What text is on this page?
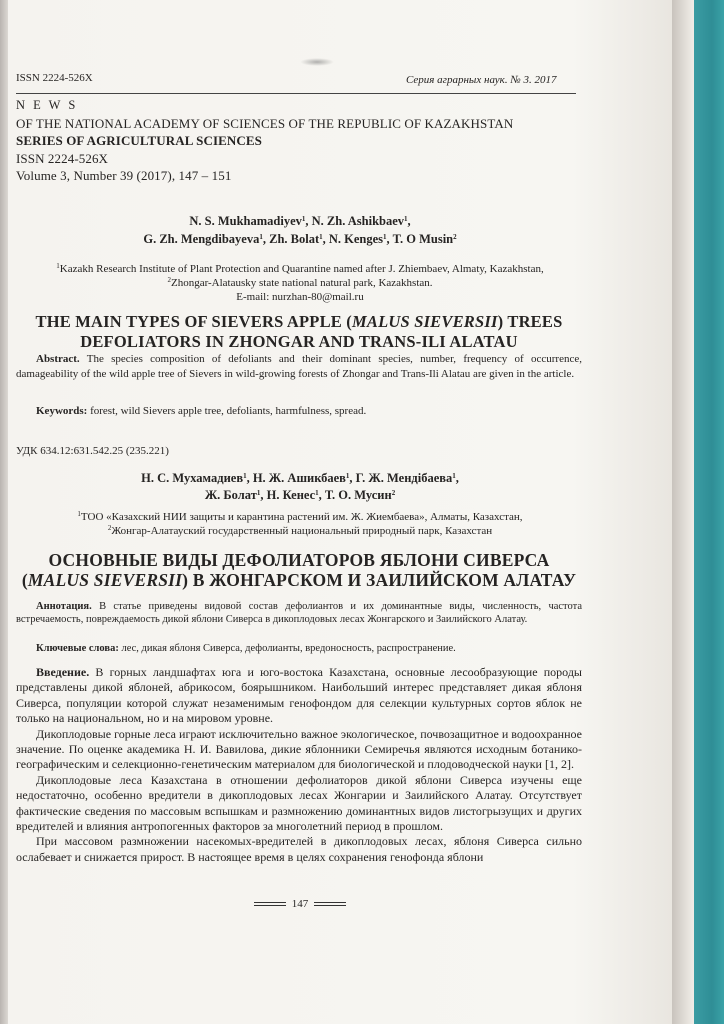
ISSN 2224-526X	Серия аграрных наук. № 3. 2017
N E W S
OF THE NATIONAL ACADEMY OF SCIENCES OF THE REPUBLIC OF KAZAKHSTAN
SERIES OF AGRICULTURAL SCIENCES
ISSN 2224-526X
Volume 3, Number 39 (2017), 147 – 151
N. S. Mukhamadiyev$^1$, N. Zh. Ashikbaev$^1$,
G. Zh. Mengdibayeva$^1$, Zh. Bolat$^1$, N. Kenges$^1$, T. O Musin$^2$
$^1$Kazakh Research Institute of Plant Protection and Quarantine named after J. Zhiembaev, Almaty, Kazakhstan,
$^2$Zhongar-Alatausky state national natural park, Kazakhstan.
E-mail: nurzhan-80@mail.ru
THE MAIN TYPES OF SIEVERS APPLE (MALUS SIEVERSII) TREES
DEFOLIATORS IN ZHONGAR AND TRANS-ILI ALATAU
Abstract. The species composition of defoliants and their dominant species, number, frequency of occurrence, damageability of the wild apple tree of Sievers in wild-growing forests of Zhongar and Trans-Ili Alatau are given in the article.
Keywords: forest, wild Sievers apple tree, defoliants, harmfulness, spread.
УДК 634.12:631.542.25 (235.221)
Н. С. Мухамадиев$^1$, Н. Ж. Ашикбаев$^1$, Г. Ж. Мендібаева$^1$,
Ж. Болат$^1$, Н. Кенес$^1$, Т. О. Мусин$^2$
$^1$ТОО «Казахский НИИ защиты и карантина растений им. Ж. Жиембаева», Алматы, Казахстан,
$^2$Жонгар-Алатауский государственный национальный природный парк, Казахстан
ОСНОВНЫЕ ВИДЫ ДЕФОЛИАТОРОВ ЯБЛОНИ СИВЕРСА
(MALUS SIEVERSII) В ЖОНГАРСКОМ И ЗАИЛИЙСКОМ АЛАТАУ
Аннотация. В статье приведены видовой состав дефолиантов и их доминантные виды, численность, частота встречаемость, повреждаемость дикой яблони Сиверса в дикоплодовых лесах Жонгарского и Заилийского Алатау.
Ключевые слова: лес, дикая яблоня Сиверса, дефолианты, вредоносность, распространение.

Введение. В горных ландшафтах юга и юго-востока Казахстана, основные лесообразующие породы представлены дикой яблоней, абрикосом, боярышником. Наибольший интерес представляет дикая яблоня Сиверса, популяции которой служат незаменимым генофондом для селекции культурных сортов яблок не только на национальном, но и на мировом уровне.

Дикоплодовые горные леса играют исключительно важное экологическое, почвозащитное и водоохранное значение. По оценке академика Н. И. Вавилова, дикие яблонники Семиречья являются исходным ботанико-географическим и селекционно-генетическим материалом для биологической и плодоводческой науки [1, 2].

Дикоплодовые леса Казахстана в отношении дефолиаторов дикой яблони Сиверса изучены еще недостаточно, особенно вредители в дикоплодовых лесах Жонгарии и Заилийского Алатау. Отсутствует фактические сведения по массовым вспышкам и размножению доминантных видов листогрызущих и других вредителей и влияния антропогенных факторов за многолетний период в прошлом.

При массовом размножении насекомых-вредителей в дикоплодовых лесах, яблоня Сиверса сильно ослабевает и снижается прирост. В настоящее время в целях сохранения генофонда яблони

147
